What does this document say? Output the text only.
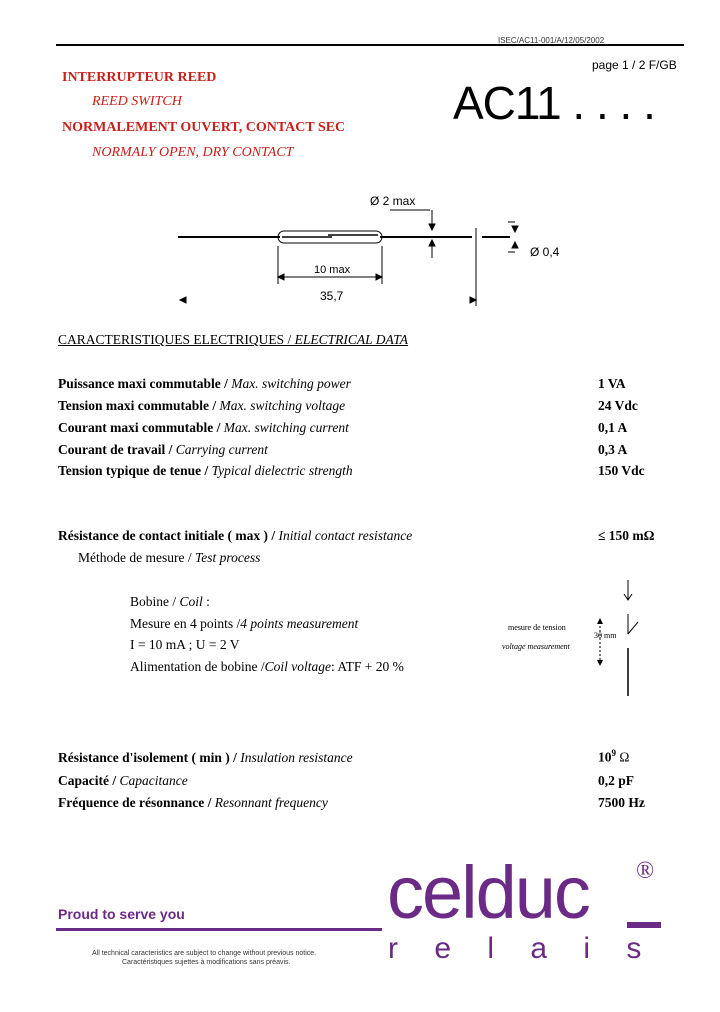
ISEC/AC11-001/A/12/05/2002
page 1 / 2 F/GB
AC11 . . . .
INTERRUPTEUR REED
REED SWITCH
NORMALEMENT OUVERT, CONTACT SEC
NORMALY OPEN, DRY CONTACT
Ø 2 max
Ø 0,4
10 max
35,7
CARACTERISTIQUES ELECTRIQUES / ELECTRICAL DATA
Puissance maxi commutable / Max. switching power	1 VA
Tension maxi commutable / Max. switching voltage	24 Vdc
Courant maxi commutable / Max. switching current	0,1 A
Courant de travail / Carrying current	0,3 A
Tension typique de tenue / Typical dielectric strength	150 Vdc
Résistance de contact initiale ( max ) / Initial contact resistance	≤ 150 mΩ
Méthode de mesure / Test process
Bobine / Coil :
Mesure en 4 points /4 points measurement
I = 10 mA ; U = 2 V
Alimentation de bobine /Coil voltage: ATF + 20 %
mesure de tension
voltage measurement
30 mm
Résistance d'isolement ( min ) / Insulation resistance	$10^9$ Ω
Capacité / Capacitance	0,2 pF
Fréquence de résonnance / Resonnant frequency	7500 Hz
Proud to serve you	celduc ®
r e l a i s
All technical caracteristics are subject to change without previous notice.
Caractéristiques sujettes à modifications sans préavis.
